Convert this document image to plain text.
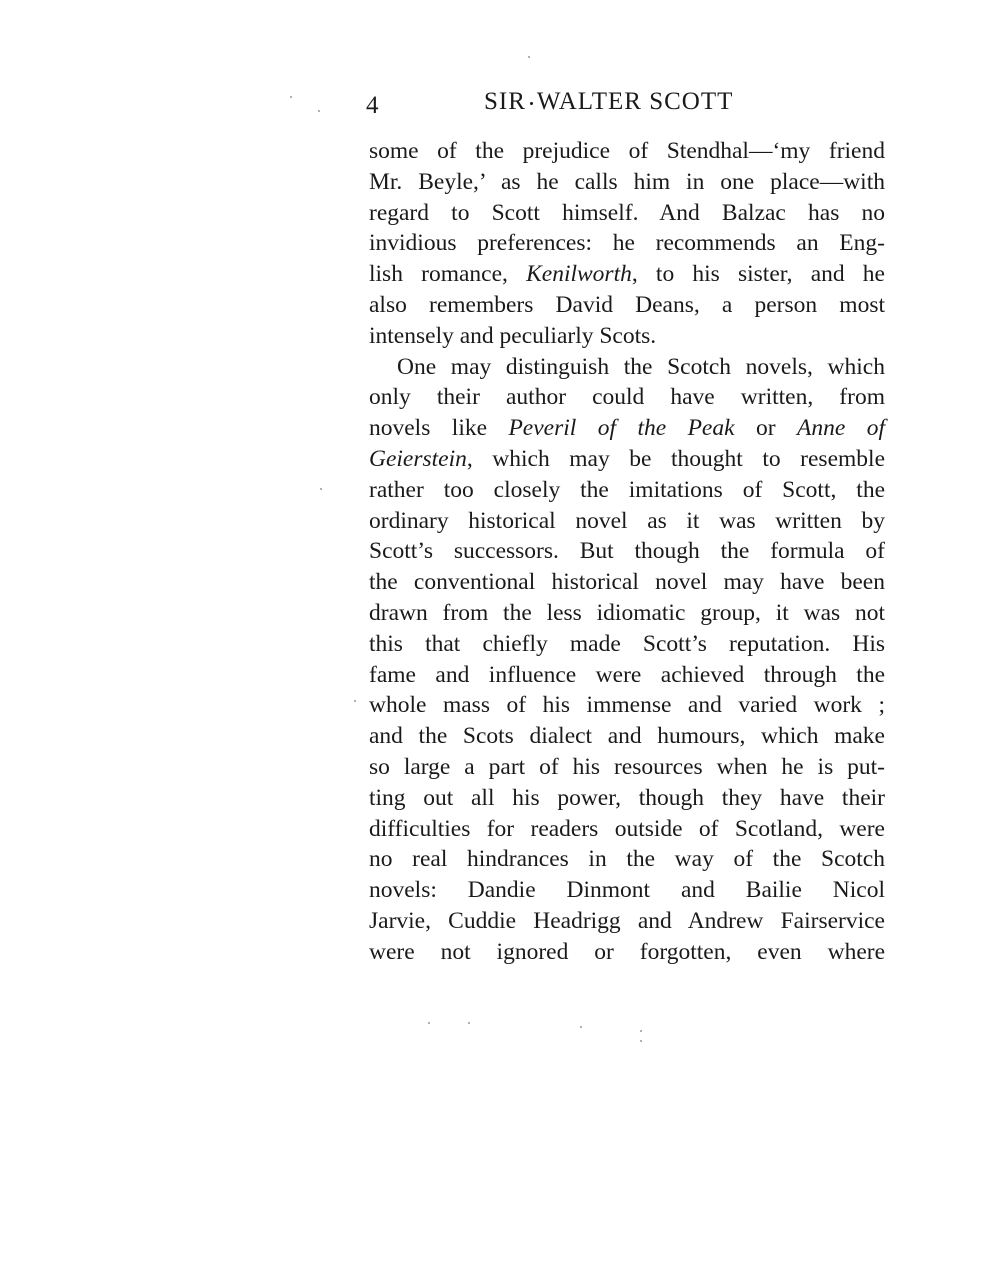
4	SIR WALTER SCOTT
some of the prejudice of Stendhal—‘my friend
Mr. Beyle,’ as he calls him in one place—with
regard to Scott himself. And Balzac has no
invidious preferences: he recommends an Eng-
lish romance, Kenilworth, to his sister, and he
also remembers David Deans, a person most
intensely and peculiarly Scots.
One may distinguish the Scotch novels, which
only their author could have written, from
novels like Peveril of the Peak or Anne of
Geierstein, which may be thought to resemble
rather too closely the imitations of Scott, the
ordinary historical novel as it was written by
Scott’s successors. But though the formula of
the conventional historical novel may have been
drawn from the less idiomatic group, it was not
this that chiefly made Scott’s reputation. His
fame and influence were achieved through the
whole mass of his immense and varied work ;
and the Scots dialect and humours, which make
so large a part of his resources when he is put-
ting out all his power, though they have their
difficulties for readers outside of Scotland, were
no real hindrances in the way of the Scotch
novels: Dandie Dinmont and Bailie Nicol
Jarvie, Cuddie Headrigg and Andrew Fairservice
were not ignored or forgotten, even where
